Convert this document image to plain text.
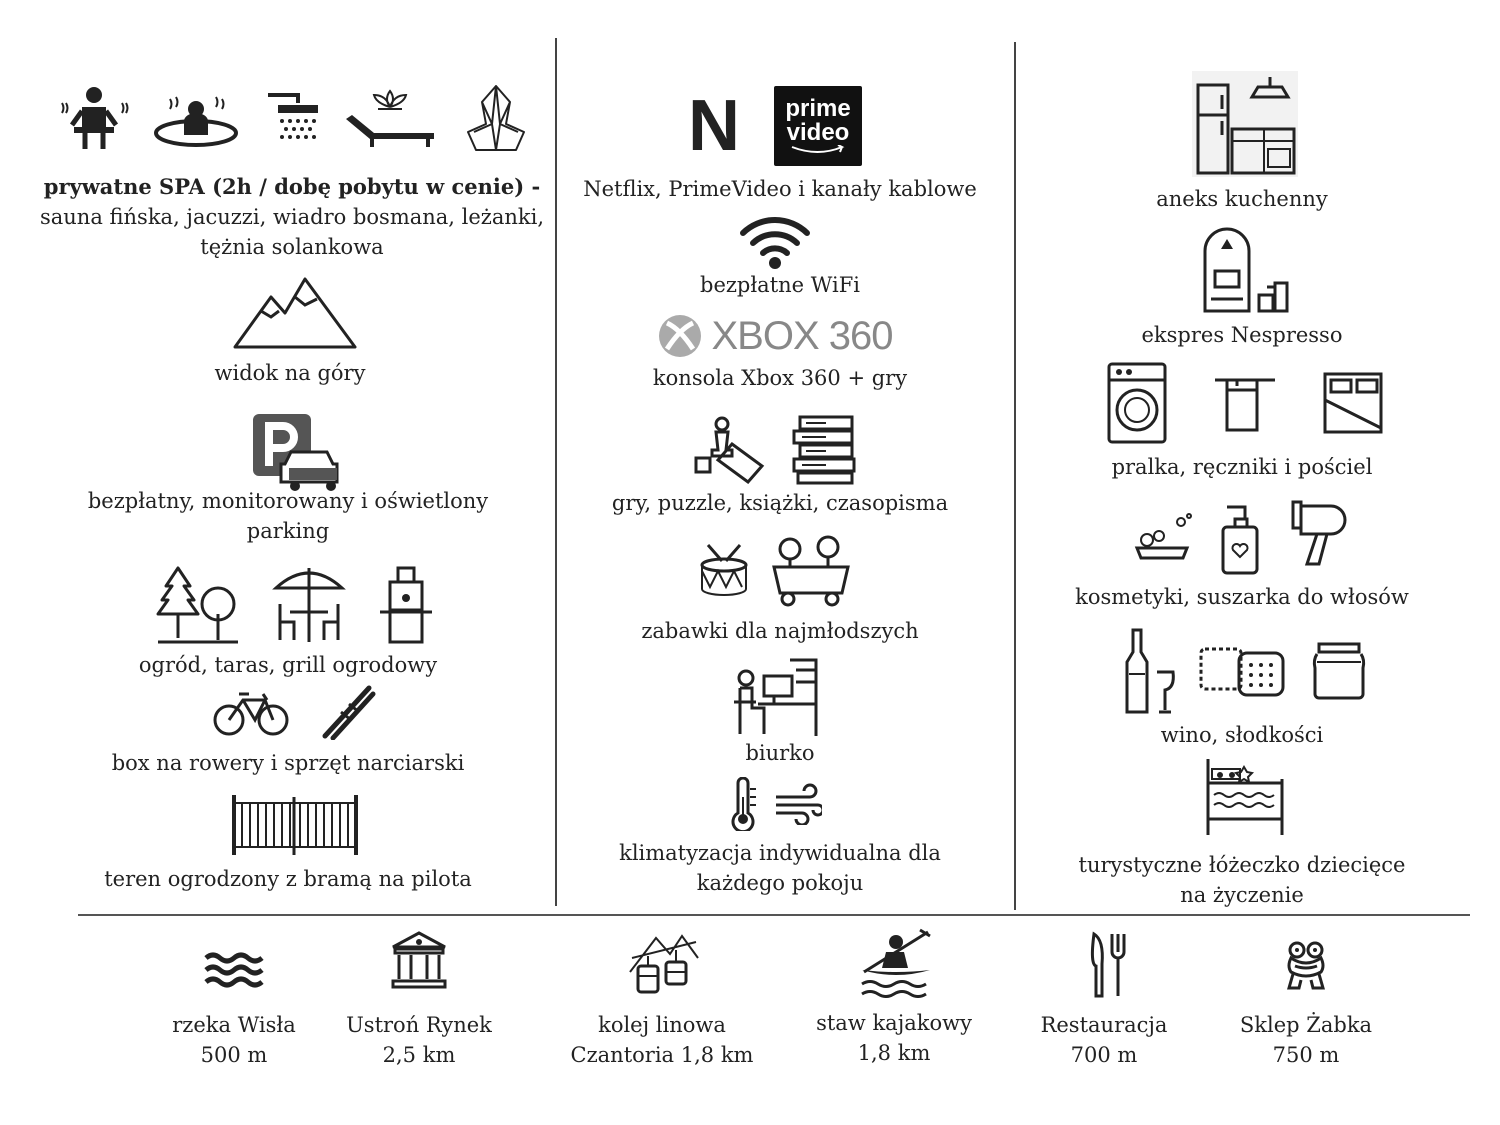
prywatne SPA (2h / dobę pobytu w cenie) -
sauna fińska, jacuzzi, wiadro bosmana, leżanki,
tężnia solankowa
widok na góry
bezpłatny, monitorowany i oświetlony
parking
ogród, taras, grill ogrodowy
box na rowery i sprzęt narciarski
teren ogrodzony z bramą na pilota
N prime
video
Netflix, PrimeVideo i kanały kablowe
bezpłatne WiFi
XBOX 360
konsola Xbox 360 + gry
gry, puzzle, książki, czasopisma
zabawki dla najmłodszych
biurko
klimatyzacja indywidualna dla
każdego pokoju
aneks kuchenny
ekspres Nespresso
pralka, ręczniki i pościel
kosmetyki, suszarka do włosów
wino, słodkości
turystyczne łóżeczko dziecięce
na życzenie
rzeka Wisła
500 m
Ustroń Rynek
2,5 km
kolej linowa
Czantoria 1,8 km
staw kajakowy
1,8 km
Restauracja
700 m
Sklep Żabka
750 m
